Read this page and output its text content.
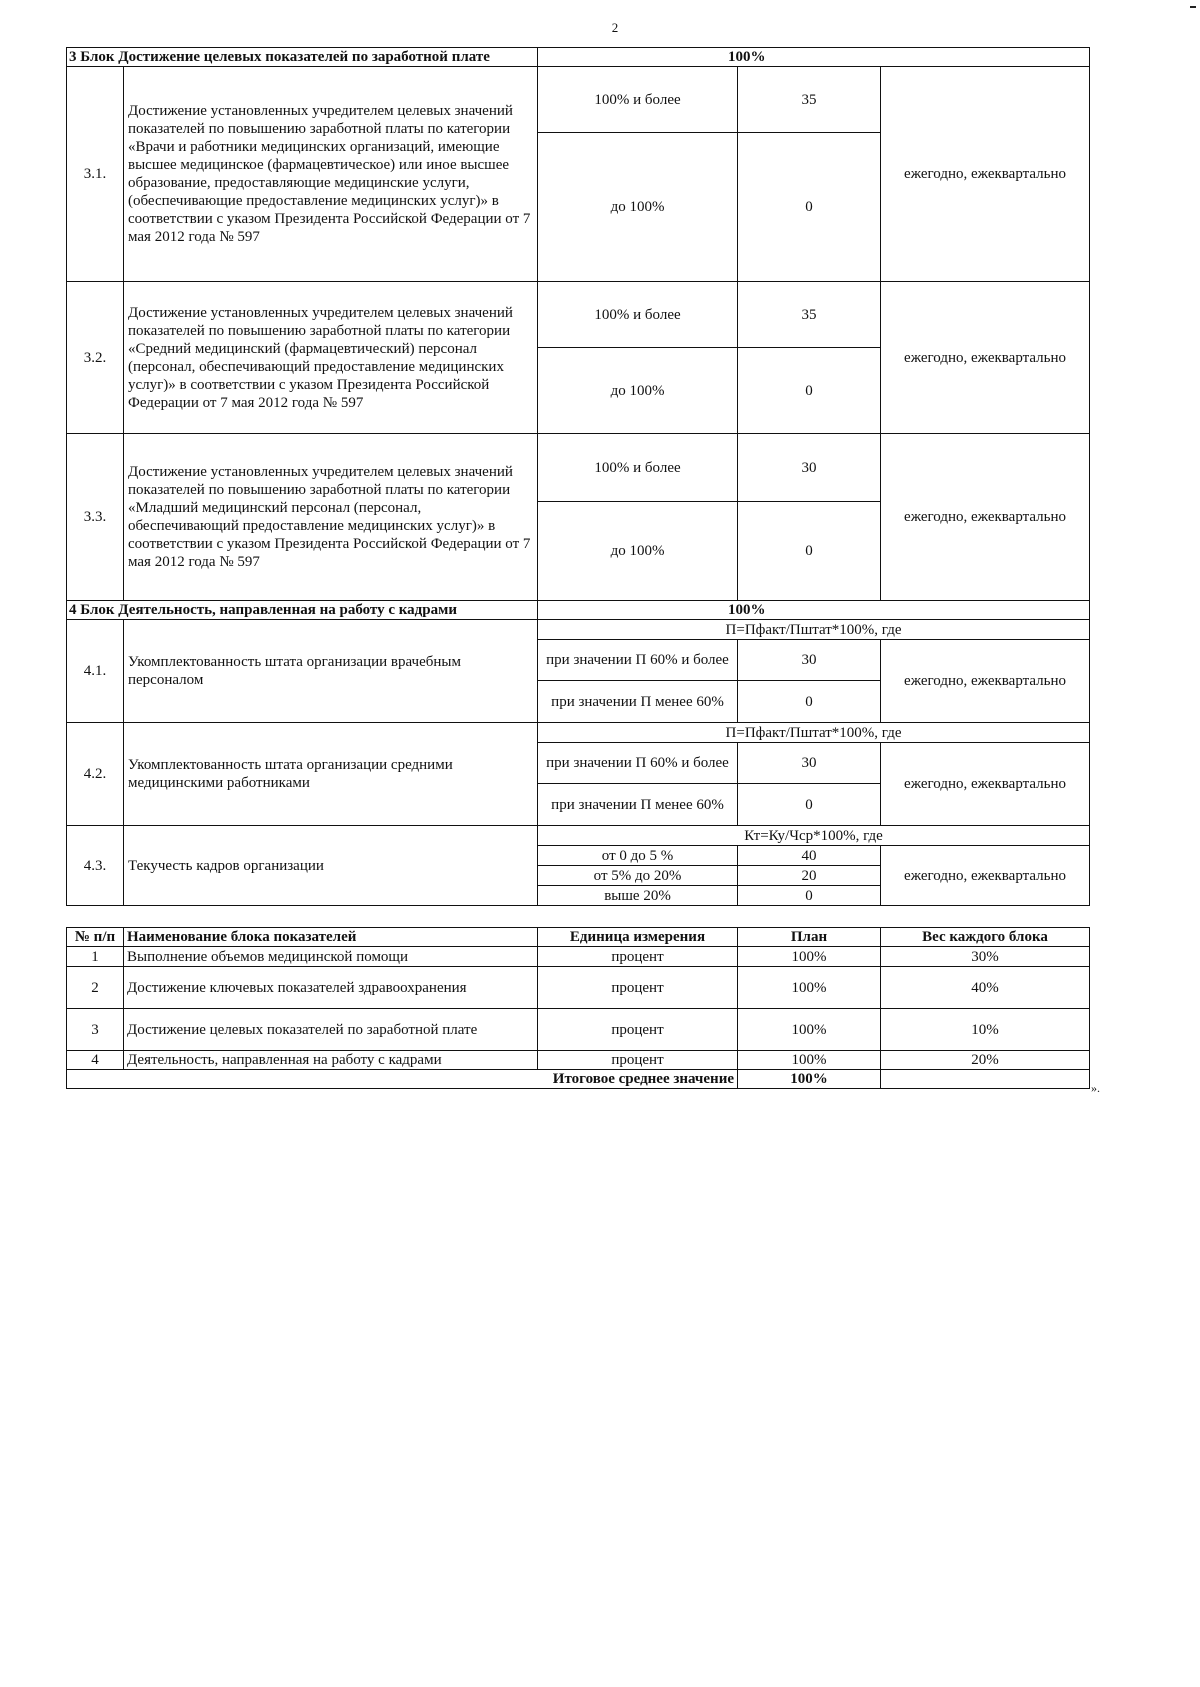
2
3 Блок Достижение целевых показателей по заработной плате		100%		
3.1.	Достижение установленных учредителем целевых значений показателей по повышению заработной платы по категории «Врачи и работники медицинских организаций, имеющие высшее медицинское (фармацевтическое) или иное высшее образование, предоставляющие медицинские услуги, (обеспечивающие предоставление медицинских услуг)» в соответствии с указом Президента Российской Федерации от 7 мая 2012 года № 597	100% и более	35	ежегодно, ежеквартально
		до 100%	0	
3.2.	Достижение установленных учредителем целевых значений показателей по повышению заработной платы по категории «Средний медицинский (фармацевтический) персонал (персонал, обеспечивающий предоставление медицинских услуг)» в соответствии с указом Президента Российской Федерации от 7 мая 2012 года № 597	100% и более	35	ежегодно, ежеквартально
		до 100%	0	
3.3.	Достижение установленных учредителем целевых значений показателей по повышению заработной платы по категории «Младший медицинский персонал (персонал, обеспечивающий предоставление медицинских услуг)» в соответствии с указом Президента Российской Федерации от 7 мая 2012 года № 597	100% и более	30	ежегодно, ежеквартально
		до 100%	0	
4 Блок Деятельность, направленная на работу с кадрами		100%		
4.1.	Укомплектованность штата организации врачебным персоналом	П=Пфакт/Пштат*100%, где		
		при значении П 60% и более	30	ежегодно, ежеквартально
		при значении П менее 60%	0	
4.2.	Укомплектованность штата организации средними медицинскими работниками	П=Пфакт/Пштат*100%, где		
		при значении П 60% и более	30	ежегодно, ежеквартально
		при значении П менее 60%	0	
4.3.	Текучесть кадров организации	Кт=Ку/Чср*100%, где		
		от 0 до 5 %	40	ежегодно, ежеквартально
		от 5% до 20%	20	
		выше 20%	0	
№ п/п	Наименование блока показателей	Единица измерения	План	Вес каждого блока
1	Выполнение объемов медицинской помощи	процент	100%	30%
2	Достижение ключевых показателей здравоохранения	процент	100%	40%
3	Достижение целевых показателей по заработной плате	процент	100%	10%
4	Деятельность, направленная на работу с кадрами	процент	100%	20%
Итоговое среднее значение			100%	
».
